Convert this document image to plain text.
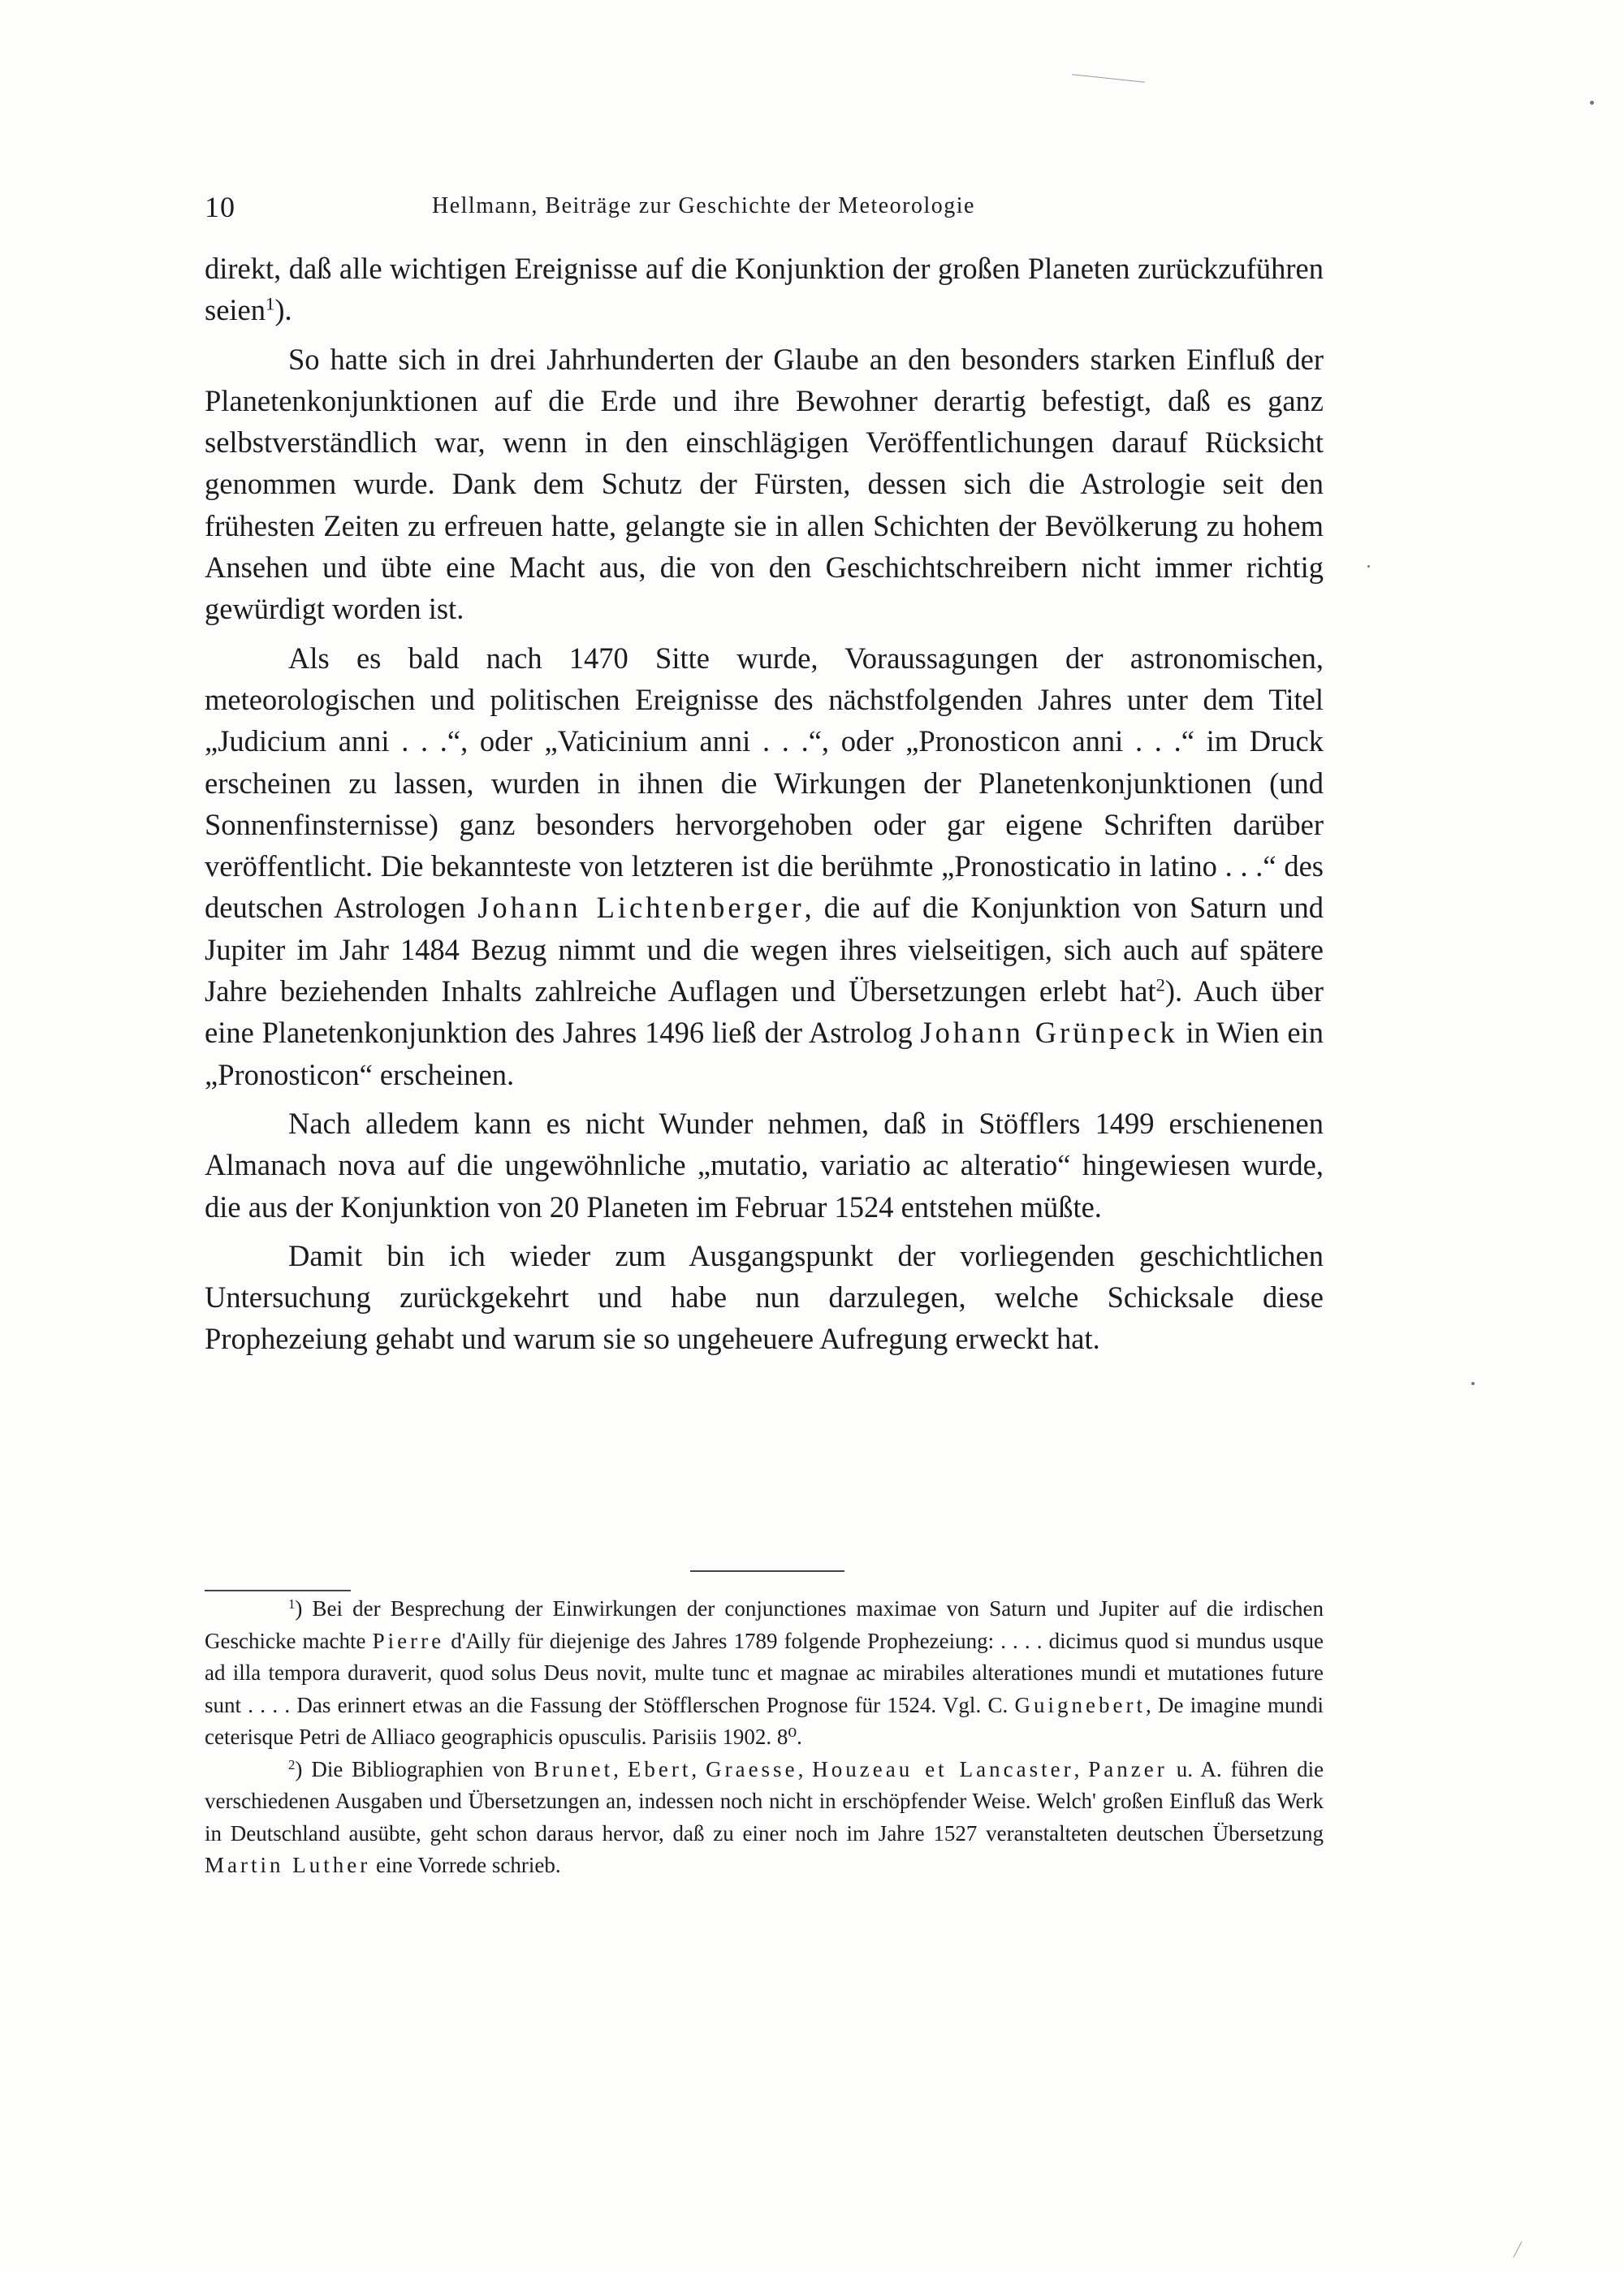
10	Hellmann, Beiträge zur Geschichte der Meteorologie

direkt, daß alle wichtigen Ereignisse auf die Konjunktion der großen Planeten zurückzuführen seien$^1$).

So hatte sich in drei Jahrhunderten der Glaube an den besonders starken Einfluß der Planetenkonjunktionen auf die Erde und ihre Bewohner derartig befestigt, daß es ganz selbstverständlich war, wenn in den einschlägigen Veröffentlichungen darauf Rücksicht genommen wurde. Dank dem Schutz der Fürsten, dessen sich die Astrologie seit den frühesten Zeiten zu erfreuen hatte, gelangte sie in allen Schichten der Bevölkerung zu hohem Ansehen und übte eine Macht aus, die von den Geschichtschreibern nicht immer richtig gewürdigt worden ist.

Als es bald nach 1470 Sitte wurde, Voraussagungen der astronomischen, meteorologischen und politischen Ereignisse des nächstfolgenden Jahres unter dem Titel „Judicium anni . . .“, oder „Vaticinium anni . . .“, oder „Pronosticon anni . . .“ im Druck erscheinen zu lassen, wurden in ihnen die Wirkungen der Planetenkonjunktionen (und Sonnenfinsternisse) ganz besonders hervorgehoben oder gar eigene Schriften darüber veröffentlicht. Die bekannteste von letzteren ist die berühmte „Pronosticatio in latino . . .“ des deutschen Astrologen Johann Lichtenberger, die auf die Konjunktion von Saturn und Jupiter im Jahr 1484 Bezug nimmt und die wegen ihres vielseitigen, sich auch auf spätere Jahre beziehenden Inhalts zahlreiche Auflagen und Übersetzungen erlebt hat$^2$). Auch über eine Planetenkonjunktion des Jahres 1496 ließ der Astrolog Johann Grünpeck in Wien ein „Pronosticon“ erscheinen.

Nach alledem kann es nicht Wunder nehmen, daß in Stöfflers 1499 erschienenen Almanach nova auf die ungewöhnliche „mutatio, variatio ac alteratio“ hingewiesen wurde, die aus der Konjunktion von 20 Planeten im Februar 1524 entstehen müßte.

Damit bin ich wieder zum Ausgangspunkt der vorliegenden geschichtlichen Untersuchung zurückgekehrt und habe nun darzulegen, welche Schicksale diese Prophezeiung gehabt und warum sie so ungeheuere Aufregung erweckt hat.

$^1$) Bei der Besprechung der Einwirkungen der conjunctiones maximae von Saturn und Jupiter auf die irdischen Geschicke machte Pierre d'Ailly für diejenige des Jahres 1789 folgende Prophezeiung: . . . . dicimus quod si mundus usque ad illa tempora duraverit, quod solus Deus novit, multe tunc et magnae ac mirabiles alterationes mundi et mutationes future sunt . . . . Das erinnert etwas an die Fassung der Stöfflerschen Prognose für 1524. Vgl. C. Guignebert, De imagine mundi ceterisque Petri de Alliaco geographicis opusculis. Parisiis 1902. 8⁰.

$^2$) Die Bibliographien von Brunet, Ebert, Graesse, Houzeau et Lancaster, Panzer u. A. führen die verschiedenen Ausgaben und Übersetzungen an, indessen noch nicht in erschöpfender Weise. Welch' großen Einfluß das Werk in Deutschland ausübte, geht schon daraus hervor, daß zu einer noch im Jahre 1527 veranstalteten deutschen Übersetzung Martin Luther eine Vorrede schrieb.
